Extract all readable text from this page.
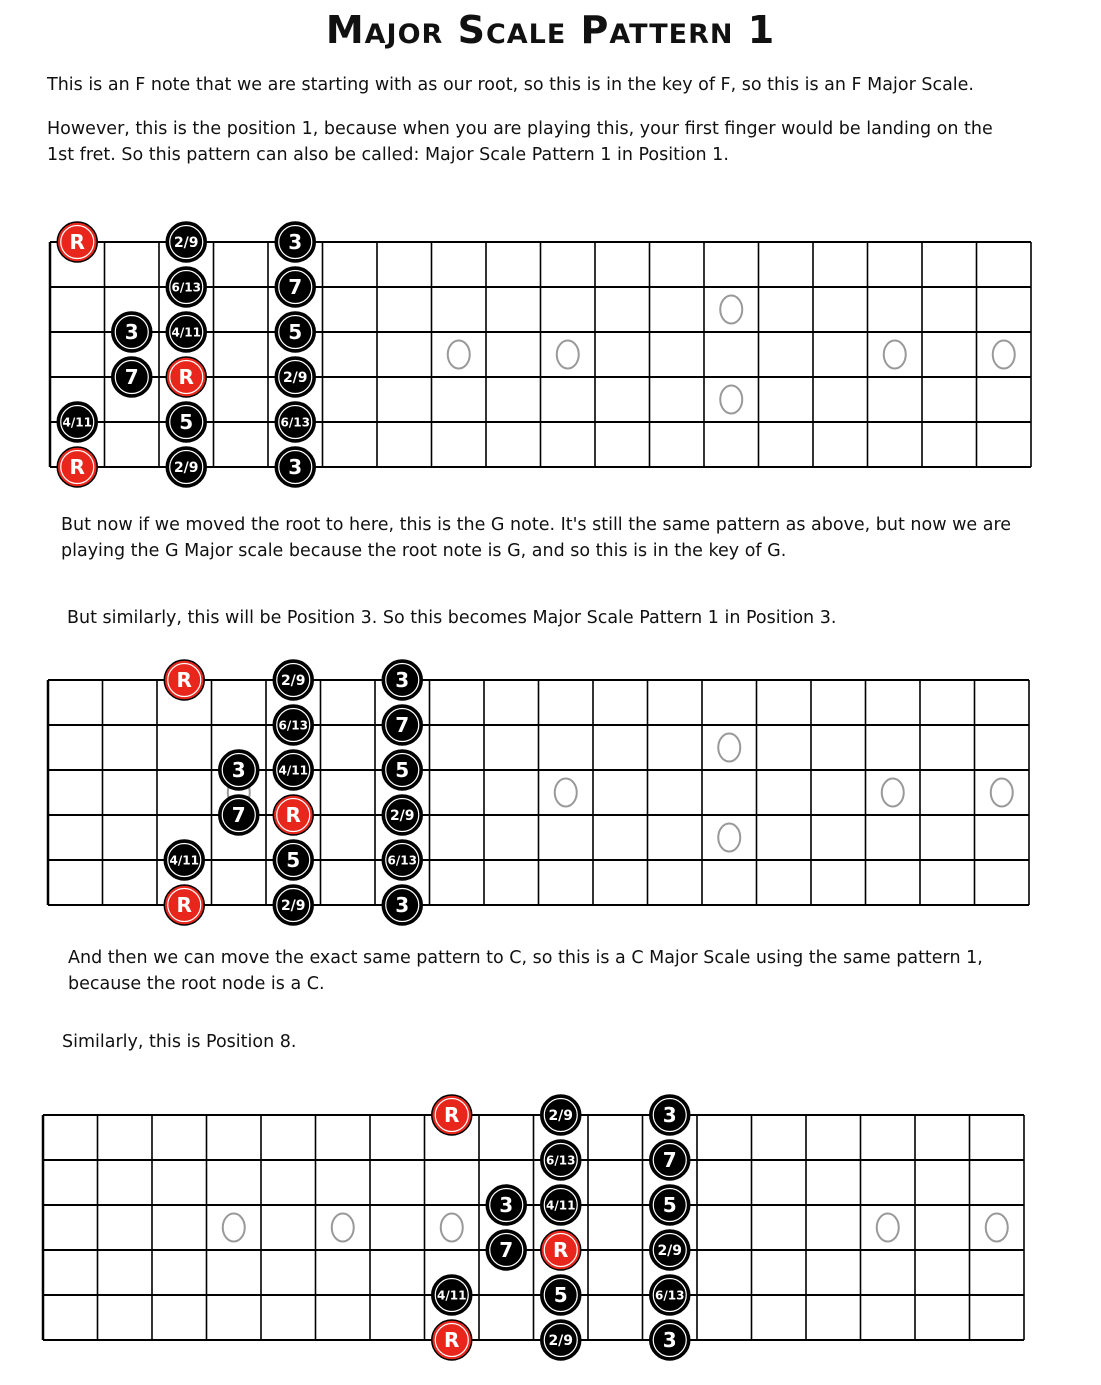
Major Scale Pattern 1

This is an F note that we are starting with as our root, so this is in the key of F, so this is an F Major Scale.

However, this is the position 1, because when you are playing this, your first finger would be landing on the 1st fret. So this pattern can also be called: Major Scale Pattern 1 in Position 1.

R	2/9	3
6/13	7
3	4/11	5
7 R	2/9
4/11	5	6/13
R	2/9	3

But now if we moved the root to here, this is the G note. It's still the same pattern as above, but now we are playing the G Major scale because the root note is G, and so this is in the key of G.

But similarly, this will be Position 3. So this becomes Major Scale Pattern 1 in Position 3.

R	2/9	3
6/13	7
3	4/11	5
7 R	2/9
4/11	5	6/13
R	2/9	3

And then we can move the exact same pattern to C, so this is a C Major Scale using the same pattern 1, because the root node is a C.

Similarly, this is Position 8.

R	2/9	3
6/13	7
3	4/11	5
7 R	2/9
4/11	5	6/13
R	2/9	3
